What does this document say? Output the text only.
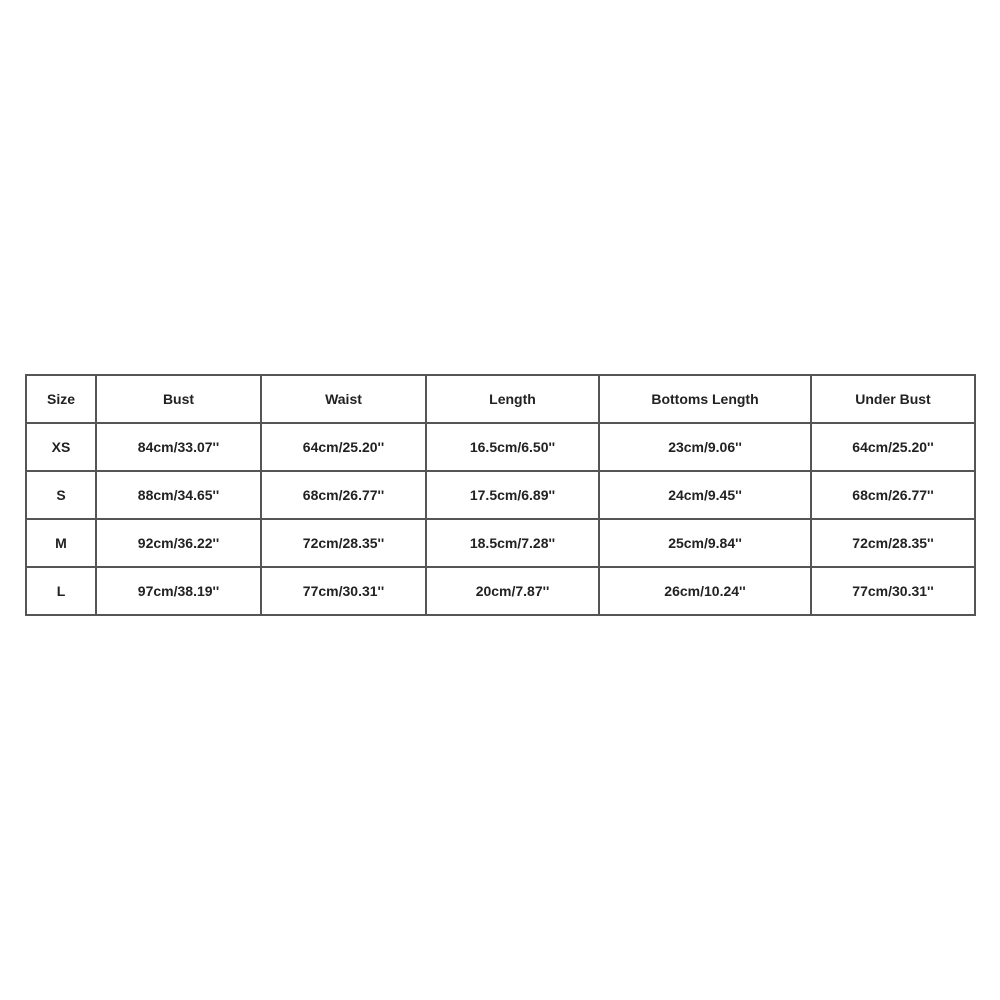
Size	Bust	Waist	Length	Bottoms Length	Under Bust
XS	84cm/33.07''	64cm/25.20''	16.5cm/6.50''	23cm/9.06''	64cm/25.20''
S	88cm/34.65''	68cm/26.77''	17.5cm/6.89''	24cm/9.45''	68cm/26.77''
M	92cm/36.22''	72cm/28.35''	18.5cm/7.28''	25cm/9.84''	72cm/28.35''
L	97cm/38.19''	77cm/30.31''	20cm/7.87''	26cm/10.24''	77cm/30.31''
